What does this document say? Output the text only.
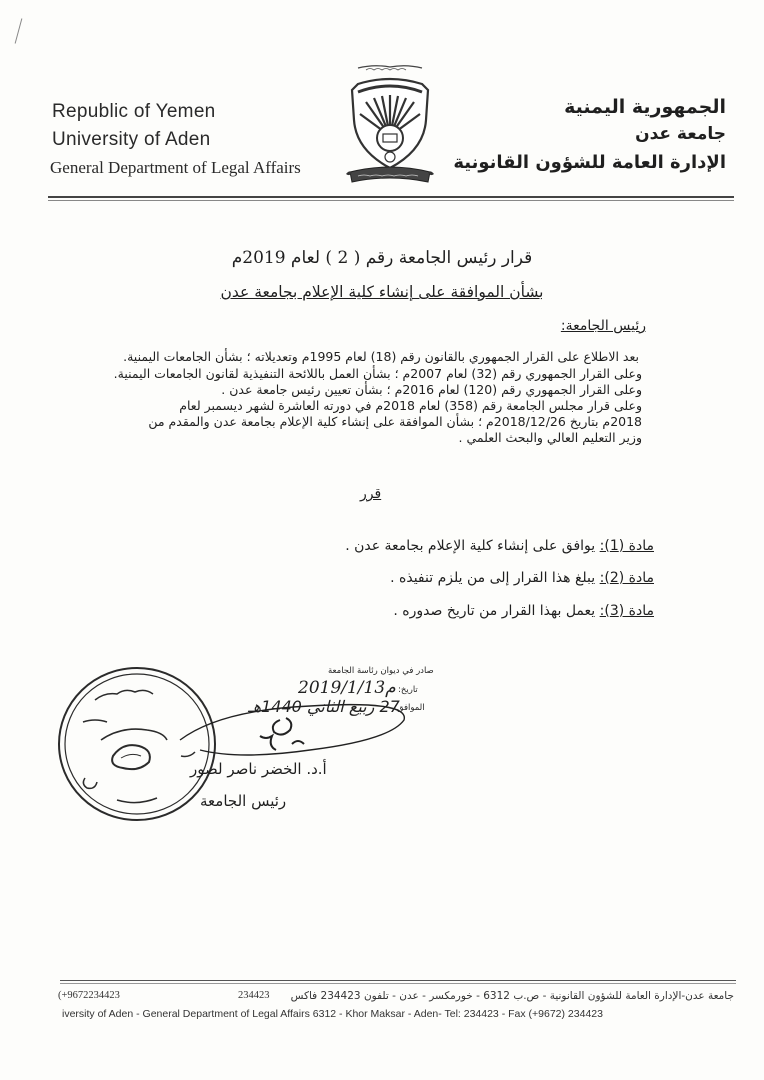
Republic of Yemen
University of Aden
General Department of Legal Affairs
الجمهورية اليمنية
جامعة عدن
الإدارة العامة للشؤون القانونية
قرار رئيس الجامعة رقم ( 2 ) لعام 2019م
بشأن الموافقة على إنشاء كلية الإعلام بجامعة عدن
رئيس الجامعة:
بعد الاطلاع على القرار الجمهوري بالقانون رقم (18) لعام 1995م وتعديلاته ؛ بشأن الجامعات اليمنية.
وعلى القرار الجمهوري رقم (32) لعام 2007م ؛ بشأن العمل باللائحة التنفيذية لقانون الجامعات اليمنية.
وعلى القرار الجمهوري رقم (120) لعام 2016م ؛ بشأن تعيين رئيس جامعة عدن .
وعلى قرار مجلس الجامعة رقم (358) لعام 2018م في دورته العاشرة لشهر ديسمبر لعام
2018م بتاريخ 2018/12/26م ؛ بشأن الموافقة على إنشاء كلية الإعلام بجامعة عدن والمقدم من
وزير التعليم العالي والبحث العلمي .
قرر
مادة (1): يوافق على إنشاء كلية الإعلام بجامعة عدن .
مادة (2): يبلغ هذا القرار إلى من يلزم تنفيذه .
مادة (3): يعمل بهذا القرار من تاريخ صدوره .
صادر في ديوان رئاسة الجامعة
تاريخ:
2019/1/13م
الموافق:
27 ربيع الثاني 1440هـ
أ.د. الخضر ناصر لصور
رئيس الجامعة
جامعة عدن-الإدارة العامة للشؤون القانونية - ص.ب 6312 - خورمكسر - عدن - تلفون 234423 فاكس
(+9672234423	234423
iversity of Aden - General Department of Legal Affairs 6312 - Khor Maksar - Aden- Tel: 234423 - Fax (+9672) 234423
